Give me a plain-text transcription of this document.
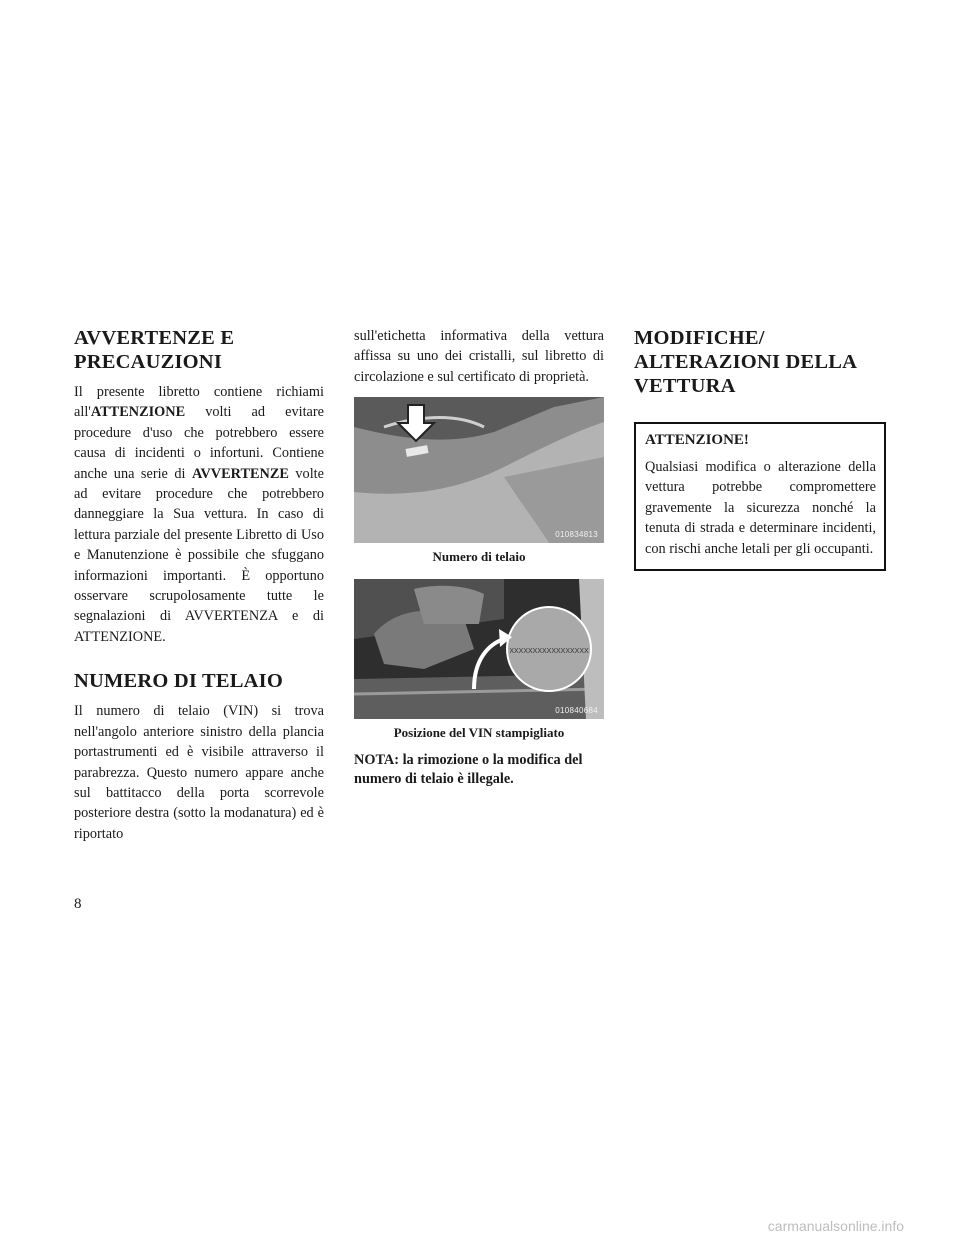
AVVERTENZE E PRECAUZIONI

Il presente libretto contiene richiami all'ATTENZIONE volti ad evitare procedure d'uso che potrebbero essere causa di incidenti o infortuni. Contiene anche una serie di AVVERTENZE volte ad evitare procedure che potrebbero danneggiare la Sua vettura. In caso di lettura parziale del presente Libretto di Uso e Manutenzione è possibile che sfuggano informazioni importanti. È opportuno osservare scrupolosamente tutte le segnalazioni di AVVERTENZA e di ATTENZIONE.

NUMERO DI TELAIO

Il numero di telaio (VIN) si trova nell'angolo anteriore sinistro della plancia portastrumenti ed è visibile attraverso il parabrezza. Questo numero appare anche sul battitacco della porta scorrevole posteriore destra (sotto la modanatura) ed è riportato

sull'etichetta informativa della vettura affissa su uno dei cristalli, sul libretto di circolazione e sul certificato di proprietà.

010834813
Numero di telaio
XXXXXXXXXXXXXXXXX
010840684
Posizione del VIN stampigliato

NOTA: la rimozione o la modifica del numero di telaio è illegale.

MODIFICHE/ ALTERAZIONI DELLA VETTURA
ATTENZIONE!

Qualsiasi modifica o alterazione della vettura potrebbe compromettere gravemente la sicurezza nonché la tenuta di strada e determinare incidenti, con rischi anche letali per gli occupanti.

8
carmanualsonline.info
